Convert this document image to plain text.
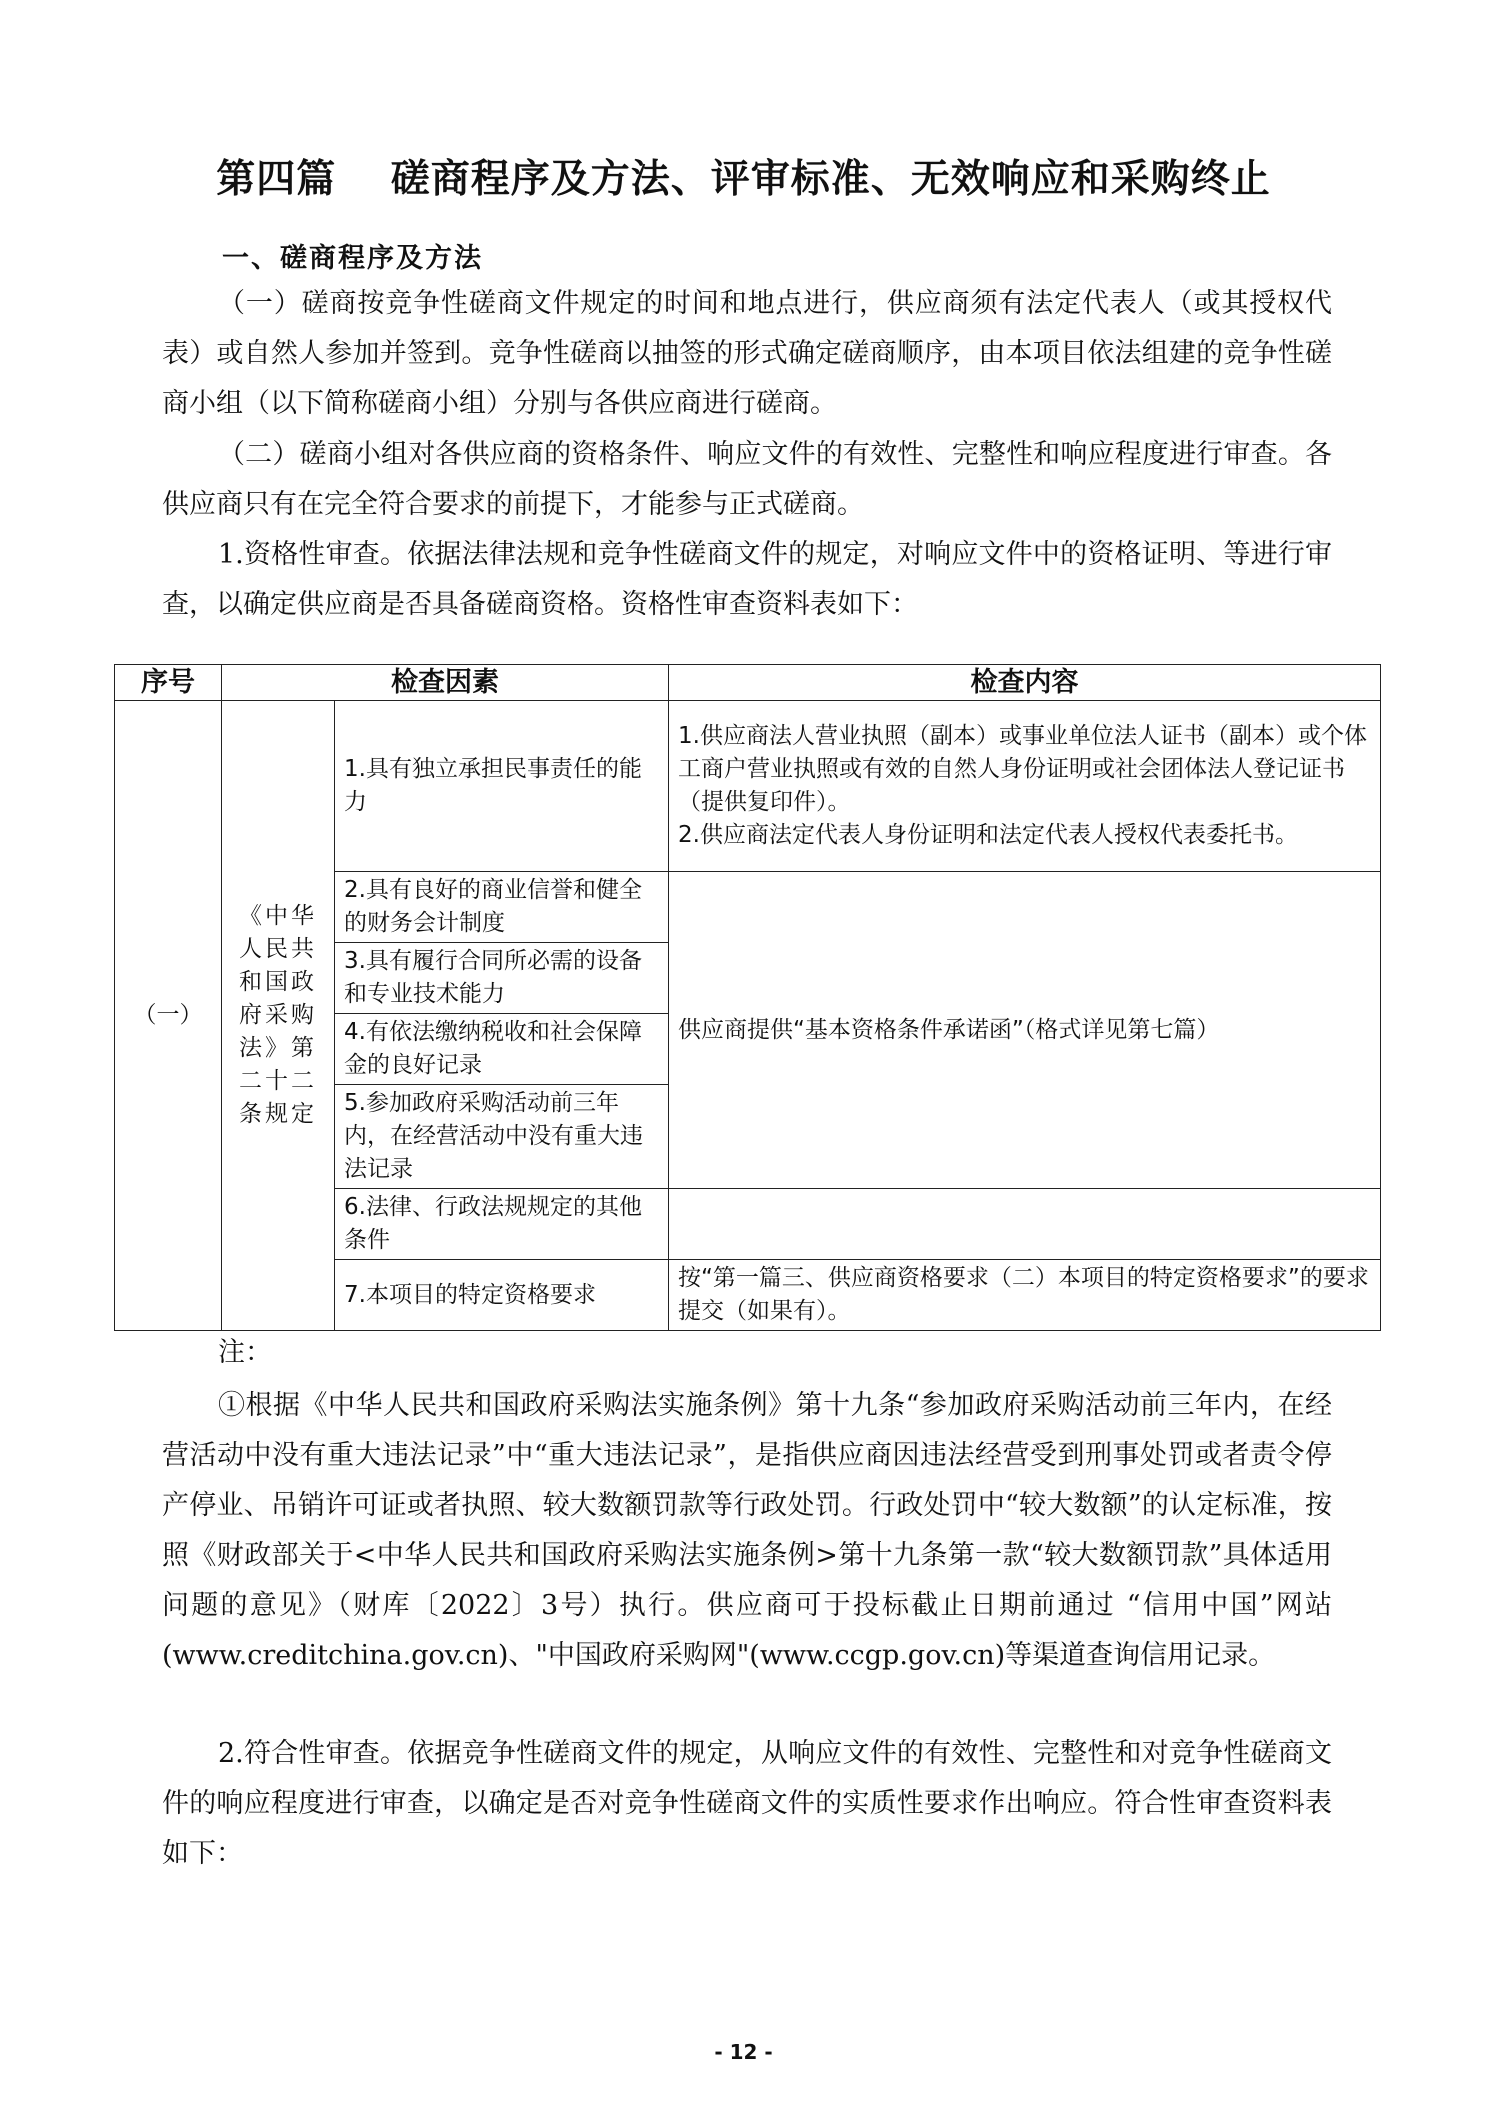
第四篇　 磋商程序及方法、评审标准、无效响应和采购终止
一、磋商程序及方法

（一）磋商按竞争性磋商文件规定的时间和地点进行，供应商须有法定代表人（或其授权代表）或自然人参加并签到。竞争性磋商以抽签的形式确定磋商顺序，由本项目依法组建的竞争性磋商小组（以下简称磋商小组）分别与各供应商进行磋商。

（二）磋商小组对各供应商的资格条件、响应文件的有效性、完整性和响应程度进行审查。各供应商只有在完全符合要求的前提下，才能参与正式磋商。

1.资格性审查。依据法律法规和竞争性磋商文件的规定，对响应文件中的资格证明、等进行审查，以确定供应商是否具备磋商资格。资格性审查资料表如下：

序号	检查因素		检查内容
（一）	《中华人民共和国政府采购法》第二十二条规定	1.具有独立承担民事责任的能力	1.供应商法人营业执照（副本）或事业单位法人证书（副本）或个体工商户营业执照或有效的自然人身份证明或社会团体法人登记证书（提供复印件）。
2.供应商法定代表人身份证明和法定代表人授权代表委托书。
		2.具有良好的商业信誉和健全的财务会计制度	供应商提供“基本资格条件承诺函”（格式详见第七篇）
		3.具有履行合同所必需的设备和专业技术能力	
		4.有依法缴纳税收和社会保障金的良好记录	
		5.参加政府采购活动前三年内，在经营活动中没有重大违法记录	
		6.法律、行政法规规定的其他条件	
		7.本项目的特定资格要求	按“第一篇三、供应商资格要求（二）本项目的特定资格要求”的要求提交（如果有）。
注：

①根据《中华人民共和国政府采购法实施条例》第十九条“参加政府采购活动前三年内，在经营活动中没有重大违法记录”中“重大违法记录”，是指供应商因违法经营受到刑事处罚或者责令停产停业、吊销许可证或者执照、较大数额罚款等行政处罚。行政处罚中“较大数额”的认定标准，按照《财政部关于<中华人民共和国政府采购法实施条例>第十九条第一款“较大数额罚款”具体适用问题的意见》（财库〔2022〕3号）执行。供应商可于投标截止日期前通过 “信用中国”网站(www.creditchina.gov.cn)、"中国政府采购网"(www.ccgp.gov.cn)等渠道查询信用记录。

2.符合性审查。依据竞争性磋商文件的规定，从响应文件的有效性、完整性和对竞争性磋商文件的响应程度进行审查，以确定是否对竞争性磋商文件的实质性要求作出响应。符合性审查资料表如下：

- 12 -
